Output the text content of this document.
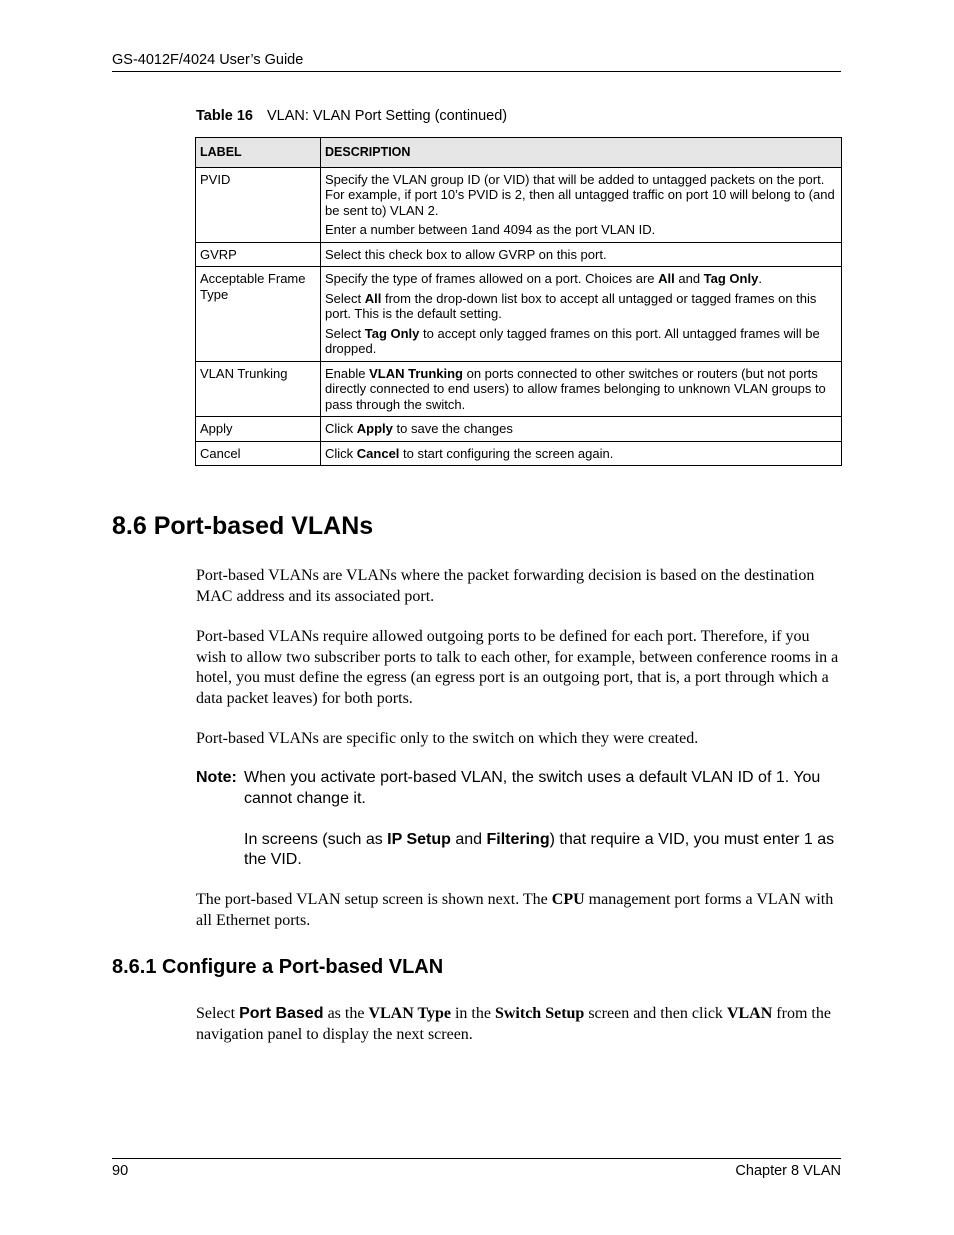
GS-4012F/4024 User’s Guide
Table 16 VLAN: VLAN Port Setting (continued)
LABEL	DESCRIPTION
PVID	Specify the VLAN group ID (or VID) that will be added to untagged packets on the port. For example, if port 10’s PVID is 2, then all untagged traffic on port 10 will belong to (and be sent to) VLAN 2.

Enter a number between 1and 4094 as the port VLAN ID.

GVRP	Select this check box to allow GVRP on this port.

Acceptable Frame Type	Specify the type of frames allowed on a port. Choices are All and Tag Only.

Select All from the drop-down list box to accept all untagged or tagged frames on this port. This is the default setting.

Select Tag Only to accept only tagged frames on this port. All untagged frames will be dropped.

VLAN Trunking	Enable VLAN Trunking on ports connected to other switches or routers (but not ports directly connected to end users) to allow frames belonging to unknown VLAN groups to pass through the switch.

Apply	Click Apply to save the changes

Cancel	Click Cancel to start configuring the screen again.

8.6 Port-based VLANs

Port-based VLANs are VLANs where the packet forwarding decision is based on the destination MAC address and its associated port.

Port-based VLANs require allowed outgoing ports to be defined for each port. Therefore, if you wish to allow two subscriber ports to talk to each other, for example, between conference rooms in a hotel, you must define the egress (an egress port is an outgoing port, that is, a port through which a data packet leaves) for both ports.

Port-based VLANs are specific only to the switch on which they were created.

Note: When you activate port-based VLAN, the switch uses a default VLAN ID of 1. You cannot change it.

In screens (such as IP Setup and Filtering) that require a VID, you must enter 1 as the VID.

The port-based VLAN setup screen is shown next. The CPU management port forms a VLAN with all Ethernet ports.

8.6.1 Configure a Port-based VLAN

Select Port Based as the VLAN Type in the Switch Setup screen and then click VLAN from the navigation panel to display the next screen.

90	Chapter 8 VLAN
